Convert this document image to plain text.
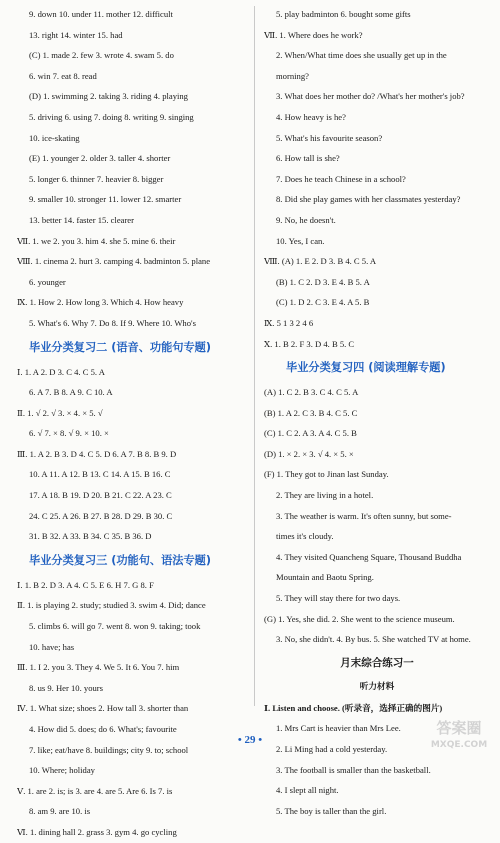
9. down 10. under 11. mother 12. difficult
13. right 14. winter 15. had
(C) 1. made 2. few 3. wrote 4. swam 5. do
6. win 7. eat 8. read
(D) 1. swimming 2. taking 3. riding 4. playing
5. driving 6. using 7. doing 8. writing 9. singing
10. ice-skating
(E) 1. younger 2. older 3. taller 4. shorter
5. longer 6. thinner 7. heavier 8. bigger
9. smaller 10. stronger 11. lower 12. smarter
13. better 14. faster 15. clearer
Ⅶ. 1. we 2. you 3. him 4. she 5. mine 6. their
Ⅷ. 1. cinema 2. hurt 3. camping 4. badminton 5. plane
6. younger
Ⅸ. 1. How 2. How long 3. Which 4. How heavy
5. What's 6. Why 7. Do 8. If 9. Where 10. Who's
毕业分类复习二 (语音、功能句专题)
Ⅰ. 1. A 2. D 3. C 4. C 5. A
6. A 7. B 8. A 9. C 10. A
Ⅱ. 1. √ 2. √ 3. × 4. × 5. √
6. √ 7. × 8. √ 9. × 10. ×
Ⅲ. 1. A 2. B 3. D 4. C 5. D 6. A 7. B 8. B 9. D
10. A 11. A 12. B 13. C 14. A 15. B 16. C
17. A 18. B 19. D 20. B 21. C 22. A 23. C
24. C 25. A 26. B 27. B 28. D 29. B 30. C
31. B 32. A 33. B 34. C 35. B 36. D
毕业分类复习三 (功能句、语法专题)
Ⅰ. 1. B 2. D 3. A 4. C 5. E 6. H 7. G 8. F
Ⅱ. 1. is playing 2. study; studied 3. swim 4. Did; dance
5. climbs 6. will go 7. went 8. won 9. taking; took
10. have; has
Ⅲ. 1. I 2. you 3. They 4. We 5. It 6. You 7. him
8. us 9. Her 10. yours
Ⅳ. 1. What size; shoes 2. How tall 3. shorter than
4. How did 5. does; do 6. What's; favourite
7. like; eat/have 8. buildings; city 9. to; school
10. Where; holiday
Ⅴ. 1. are 2. is; is 3. are 4. are 5. Are 6. Is 7. is
8. am 9. are 10. is
Ⅵ. 1. dining hall 2. grass 3. gym 4. go cycling
5. play badminton 6. bought some gifts
Ⅶ. 1. Where does he work?
2. When/What time does she usually get up in the
morning?
3. What does her mother do? /What's her mother's job?
4. How heavy is he?
5. What's his favourite season?
6. How tall is she?
7. Does he teach Chinese in a school?
8. Did she play games with her classmates yesterday?
9. No, he doesn't.
10. Yes, I can.
Ⅷ. (A) 1. E 2. D 3. B 4. C 5. A
(B) 1. C 2. D 3. E 4. B 5. A
(C) 1. D 2. C 3. E 4. A 5. B
Ⅸ. 5 1 3 2 4 6
Ⅹ. 1. B 2. F 3. D 4. B 5. C
毕业分类复习四 (阅读理解专题)
(A) 1. C 2. B 3. C 4. C 5. A
(B) 1. A 2. C 3. B 4. C 5. C
(C) 1. C 2. A 3. A 4. C 5. B
(D) 1. × 2. × 3. √ 4. × 5. ×
(F) 1. They got to Jinan last Sunday.
2. They are living in a hotel.
3. The weather is warm. It's often sunny, but some-
times it's cloudy.
4. They visited Quancheng Square, Thousand Buddha
Mountain and Baotu Spring.
5. They will stay there for two days.
(G) 1. Yes, she did. 2. She went to the science museum.
3. No, she didn't. 4. By bus. 5. She watched TV at home.
月末综合练习一
听力材料
Ⅰ. Listen and choose. (听录音，选择正确的图片)
1. Mrs Cart is heavier than Mrs Lee.
2. Li Ming had a cold yesterday.
3. The football is smaller than the basketball.
4. I slept all night.
5. The boy is taller than the girl.
• 29 •
答案圈
MXQE.COM
